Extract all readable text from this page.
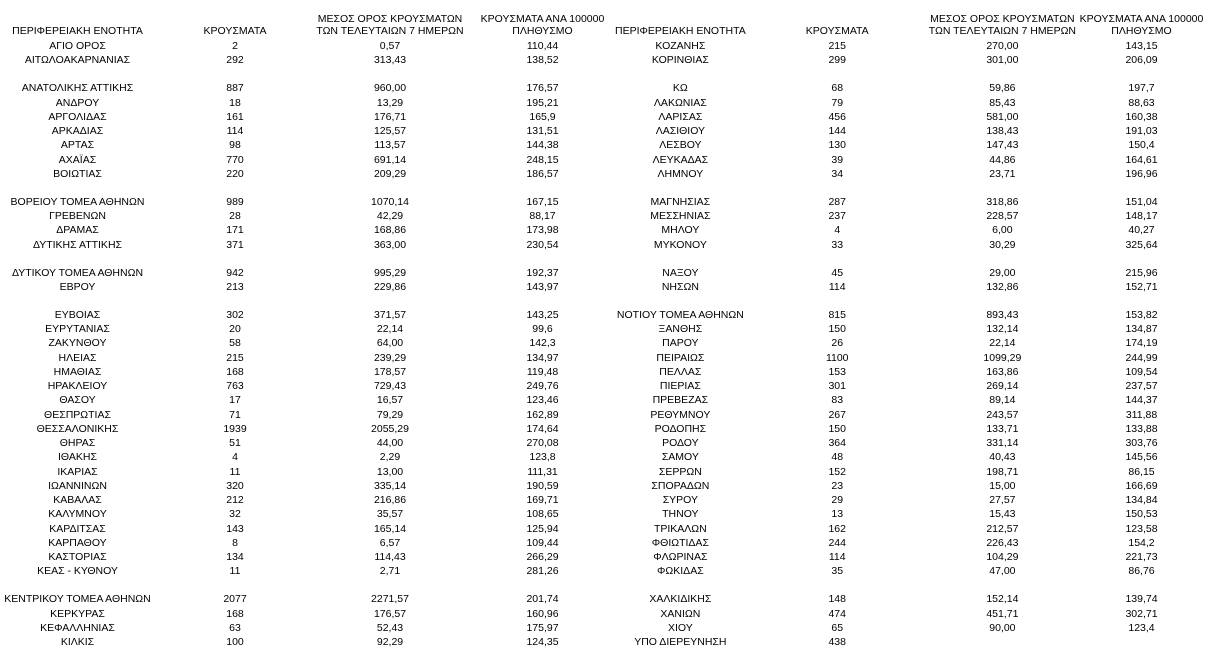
ΠΕΡΙΦΕΡΕΙΑΚΗ ΕΝΟΤΗΤΑ	ΚΡΟΥΣΜΑΤΑ	ΜΕΣΟΣ ΟΡΟΣ ΚΡΟΥΣΜΑΤΩΝ
ΤΩΝ ΤΕΛΕΥΤΑΙΩΝ 7 ΗΜΕΡΩΝ	ΚΡΟΥΣΜΑΤΑ ΑΝΑ 100000
ΠΛΗΘΥΣΜΟ

ΑΓΙΟ ΟΡΟΣ	2	0,57	110,44
ΑΙΤΩΛΟΑΚΑΡΝΑΝΙΑΣ	292	313,43	138,52

ΑΝΑΤΟΛΙΚΗΣ ΑΤΤΙΚΗΣ	887	960,00	176,57
ΑΝΔΡΟΥ	18	13,29	195,21
ΑΡΓΟΛΙΔΑΣ	161	176,71	165,9
ΑΡΚΑΔΙΑΣ	114	125,57	131,51
ΑΡΤΑΣ	98	113,57	144,38
ΑΧΑΪΑΣ	770	691,14	248,15
ΒΟΙΩΤΙΑΣ	220	209,29	186,57

ΒΟΡΕΙΟΥ ΤΟΜΕΑ ΑΘΗΝΩΝ	989	1070,14	167,15
ΓΡΕΒΕΝΩΝ	28	42,29	88,17
ΔΡΑΜΑΣ	171	168,86	173,98
ΔΥΤΙΚΗΣ ΑΤΤΙΚΗΣ	371	363,00	230,54

ΔΥΤΙΚΟΥ ΤΟΜΕΑ ΑΘΗΝΩΝ	942	995,29	192,37
ΕΒΡΟΥ	213	229,86	143,97

ΕΥΒΟΙΑΣ	302	371,57	143,25
ΕΥΡΥΤΑΝΙΑΣ	20	22,14	99,6
ΖΑΚΥΝΘΟΥ	58	64,00	142,3
ΗΛΕΙΑΣ	215	239,29	134,97
ΗΜΑΘΙΑΣ	168	178,57	119,48
ΗΡΑΚΛΕΙΟΥ	763	729,43	249,76
ΘΑΣΟΥ	17	16,57	123,46
ΘΕΣΠΡΩΤΙΑΣ	71	79,29	162,89
ΘΕΣΣΑΛΟΝΙΚΗΣ	1939	2055,29	174,64
ΘΗΡΑΣ	51	44,00	270,08
ΙΘΑΚΗΣ	4	2,29	123,8
ΙΚΑΡΙΑΣ	11	13,00	111,31
ΙΩΑΝΝΙΝΩΝ	320	335,14	190,59
ΚΑΒΑΛΑΣ	212	216,86	169,71
ΚΑΛΥΜΝΟΥ	32	35,57	108,65
ΚΑΡΔΙΤΣΑΣ	143	165,14	125,94
ΚΑΡΠΑΘΟΥ	8	6,57	109,44
ΚΑΣΤΟΡΙΑΣ	134	114,43	266,29
ΚΕΑΣ - ΚΥΘΝΟΥ	11	2,71	281,26

ΚΕΝΤΡΙΚΟΥ ΤΟΜΕΑ ΑΘΗΝΩΝ	2077	2271,57	201,74
ΚΕΡΚΥΡΑΣ	168	176,57	160,96
ΚΕΦΑΛΛΗΝΙΑΣ	63	52,43	175,97
ΚΙΛΚΙΣ	100	92,29	124,35
ΠΕΡΙΦΕΡΕΙΑΚΗ ΕΝΟΤΗΤΑ	ΚΡΟΥΣΜΑΤΑ	ΜΕΣΟΣ ΟΡΟΣ ΚΡΟΥΣΜΑΤΩΝ
ΤΩΝ ΤΕΛΕΥΤΑΙΩΝ 7 ΗΜΕΡΩΝ	ΚΡΟΥΣΜΑΤΑ ΑΝΑ 100000
ΠΛΗΘΥΣΜΟ

ΚΟΖΑΝΗΣ	215	270,00	143,15
ΚΟΡΙΝΘΙΑΣ	299	301,00	206,09

ΚΩ	68	59,86	197,7
ΛΑΚΩΝΙΑΣ	79	85,43	88,63
ΛΑΡΙΣΑΣ	456	581,00	160,38
ΛΑΣΙΘΙΟΥ	144	138,43	191,03
ΛΕΣΒΟΥ	130	147,43	150,4
ΛΕΥΚΑΔΑΣ	39	44,86	164,61
ΛΗΜΝΟΥ	34	23,71	196,96

ΜΑΓΝΗΣΙΑΣ	287	318,86	151,04
ΜΕΣΣΗΝΙΑΣ	237	228,57	148,17
ΜΗΛΟΥ	4	6,00	40,27
ΜΥΚΟΝΟΥ	33	30,29	325,64

ΝΑΞΟΥ	45	29,00	215,96
ΝΗΣΩΝ	114	132,86	152,71

ΝΟΤΙΟΥ ΤΟΜΕΑ ΑΘΗΝΩΝ	815	893,43	153,82
ΞΑΝΘΗΣ	150	132,14	134,87
ΠΑΡΟΥ	26	22,14	174,19
ΠΕΙΡΑΙΩΣ	1100	1099,29	244,99
ΠΕΛΛΑΣ	153	163,86	109,54
ΠΙΕΡΙΑΣ	301	269,14	237,57
ΠΡΕΒΕΖΑΣ	83	89,14	144,37
ΡΕΘΥΜΝΟΥ	267	243,57	311,88
ΡΟΔΟΠΗΣ	150	133,71	133,88
ΡΟΔΟΥ	364	331,14	303,76
ΣΑΜΟΥ	48	40,43	145,56
ΣΕΡΡΩΝ	152	198,71	86,15
ΣΠΟΡΑΔΩΝ	23	15,00	166,69
ΣΥΡΟΥ	29	27,57	134,84
ΤΗΝΟΥ	13	15,43	150,53
ΤΡΙΚΑΛΩΝ	162	212,57	123,58
ΦΘΙΩΤΙΔΑΣ	244	226,43	154,2
ΦΛΩΡΙΝΑΣ	114	104,29	221,73
ΦΩΚΙΔΑΣ	35	47,00	86,76

ΧΑΛΚΙΔΙΚΗΣ	148	152,14	139,74
ΧΑΝΙΩΝ	474	451,71	302,71
ΧΙΟΥ	65	90,00	123,4
ΥΠΟ ΔΙΕΡΕΥΝΗΣΗ	438		
